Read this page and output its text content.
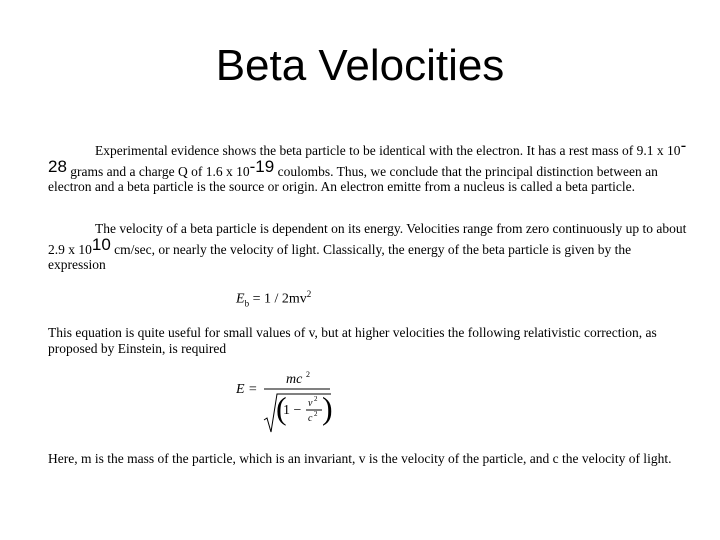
Beta Velocities
Experimental evidence shows the beta particle to be identical with the electron. It has a rest mass of 9.1 x 10-28 grams and a charge Q of 1.6 x 10-19 coulombs. Thus, we conclude that the principal distinction between an electron and a beta particle is the source or origin. An electron emitte from a nucleus is called a beta particle.
The velocity of a beta particle is dependent on its energy. Velocities range from zero continuously up to about 2.9 x 1010 cm/sec, or nearly the velocity of light. Classically, the energy of the beta particle is given by the expression
$E_b = 1 / 2mv^2$
This equation is quite useful for small values of v, but at higher velocities the following relativistic correction, as proposed by Einstein, is required
E =
mc 2
(
1 − v 2
c 2 )
Here, m is the mass of the particle, which is an invariant, v is the velocity of the particle, and c the velocity of light.
